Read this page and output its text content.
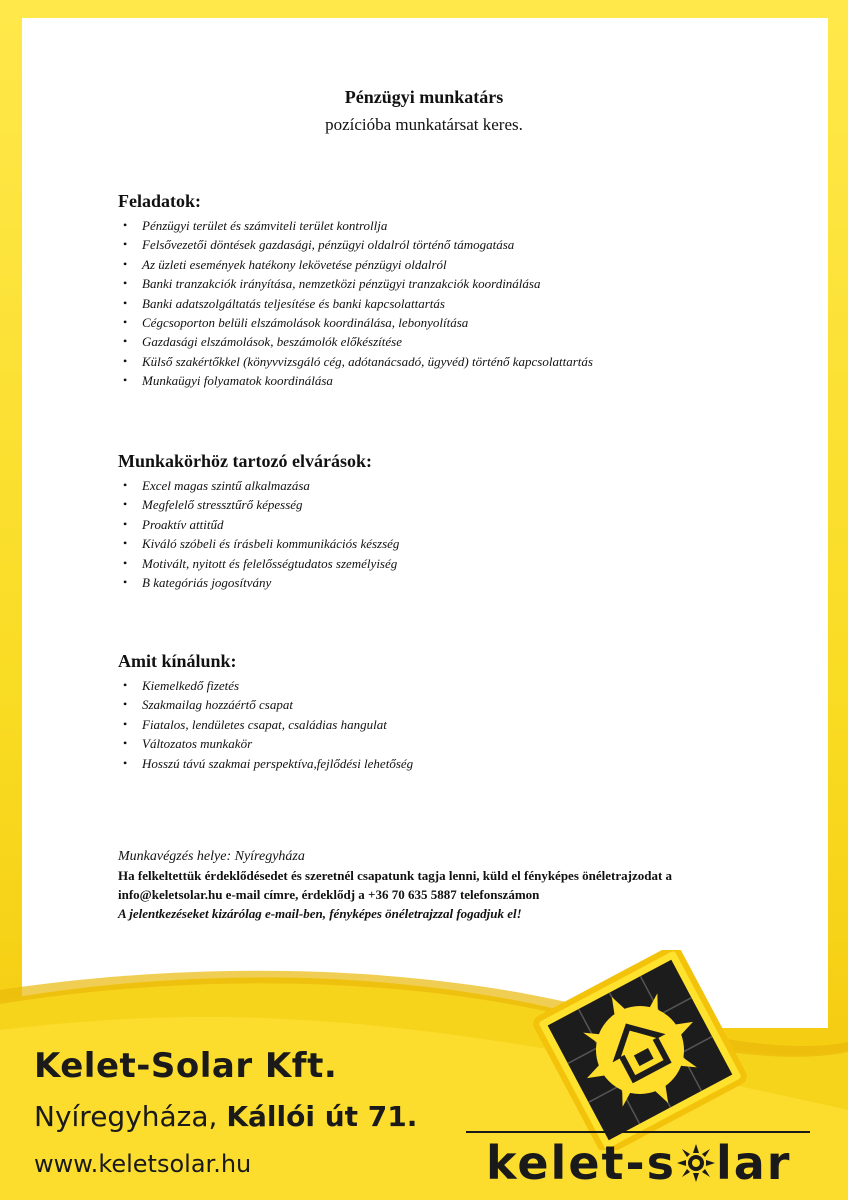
Pénzügyi munkatárs
pozícióba munkatársat keres.
Feladatok:
• Pénzügyi terület és számviteli terület kontrollja
• Felsővezetői döntések gazdasági, pénzügyi oldalról történő támogatása
• Az üzleti események hatékony lekövetése pénzügyi oldalról
• Banki tranzakciók irányítása, nemzetközi pénzügyi tranzakciók koordinálása
• Banki adatszolgáltatás teljesítése és banki kapcsolattartás
• Cégcsoporton belüli elszámolások koordinálása, lebonyolítása
• Gazdasági elszámolások, beszámolók előkészítése
• Külső szakértőkkel (könyvvizsgáló cég, adótanácsadó, ügyvéd) történő kapcsolattartás
• Munkaügyi folyamatok koordinálása
Munkakörhöz tartozó elvárások:
• Excel magas szintű alkalmazása
• Megfelelő stressztűrő képesség
• Proaktív attitűd
• Kiváló szóbeli és írásbeli kommunikációs készség
• Motivált, nyitott és felelősségtudatos személyiség
• B kategóriás jogosítvány
Amit kínálunk:
• Kiemelkedő fizetés
• Szakmailag hozzáértő csapat
• Fiatalos, lendületes csapat, családias hangulat
• Változatos munkakör
• Hosszú távú szakmai perspektíva,fejlődési lehetőség
Munkavégzés helye: Nyíregyháza
Ha felkeltettük érdeklődésedet és szeretnél csapatunk tagja lenni, küld el fényképes önéletrajzodat a
info@keletsolar.hu e-mail címre, érdeklődj a +36 70 635 5887 telefonszámon
A jelentkezéseket kizárólag e-mail-ben, fényképes önéletrajzzal fogadjuk el!
Kelet-Solar Kft.
Nyíregyháza, Kállói út 71.
www.keletsolar.hu	kelet-s lar
